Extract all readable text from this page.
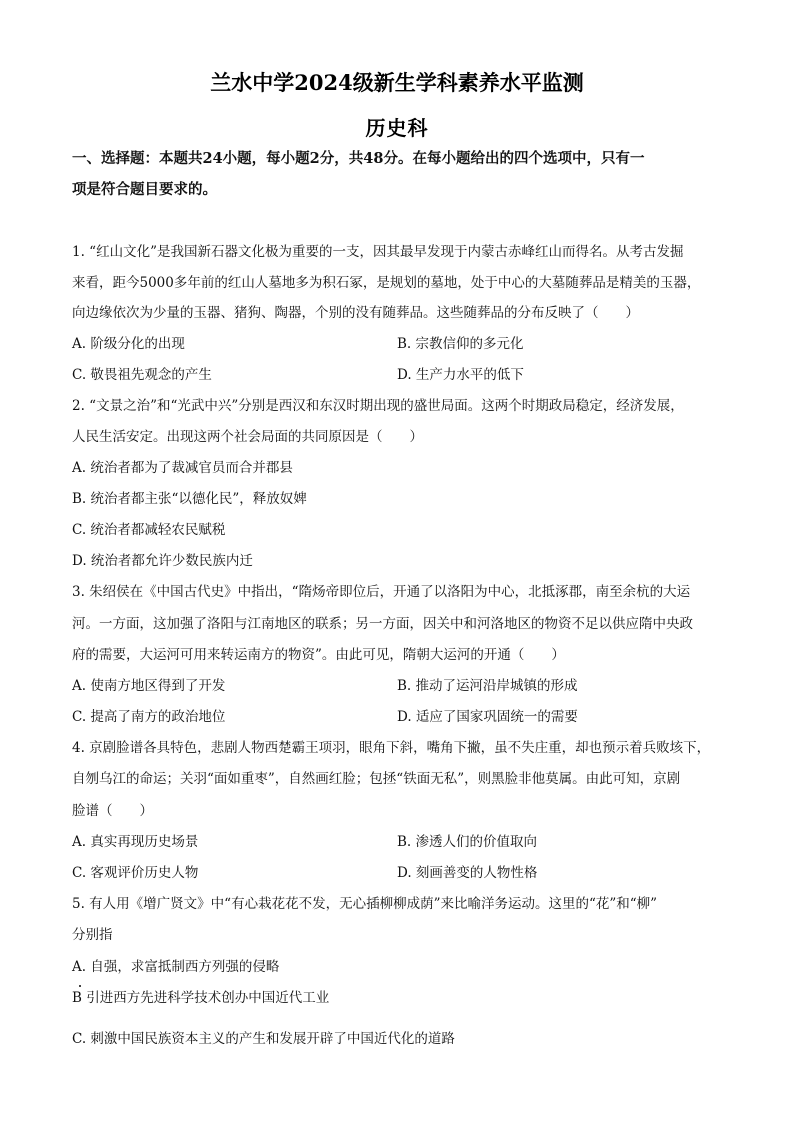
兰水中学2024级新生学科素养水平监测
历史科
一、选择题：本题共24小题，每小题2分，共48分。在每小题给出的四个选项中，只有一
项是符合题目要求的。
1. “红山文化”是我国新石器文化极为重要的一支，因其最早发现于内蒙古赤峰红山而得名。从考古发掘
来看，距今5000多年前的红山人墓地多为积石冢，是规划的墓地，处于中心的大墓随葬品是精美的玉器，
向边缘依次为少量的玉器、猪狗、陶器，个别的没有随葬品。这些随葬品的分布反映了（　　）
A. 阶级分化的出现	B. 宗教信仰的多元化
C. 敬畏祖先观念的产生	D. 生产力水平的低下
2. “文景之治”和“光武中兴”分别是西汉和东汉时期出现的盛世局面。这两个时期政局稳定，经济发展，
人民生活安定。出现这两个社会局面的共同原因是（　　）
A. 统治者都为了裁减官员而合并郡县
B. 统治者都主张“以德化民”，释放奴婢
C. 统治者都减轻农民赋税
D. 统治者都允许少数民族内迁
3. 朱绍侯在《中国古代史》中指出，“隋炀帝即位后，开通了以洛阳为中心，北抵涿郡，南至余杭的大运
河。一方面，这加强了洛阳与江南地区的联系；另一方面，因关中和河洛地区的物资不足以供应隋中央政
府的需要，大运河可用来转运南方的物资”。由此可见，隋朝大运河的开通（　　）
A. 使南方地区得到了开发	B. 推动了运河沿岸城镇的形成
C. 提高了南方的政治地位	D. 适应了国家巩固统一的需要
4. 京剧脸谱各具特色，悲剧人物西楚霸王项羽，眼角下斜，嘴角下撇，虽不失庄重，却也预示着兵败垓下，
自刎乌江的命运；关羽“面如重枣”，自然画红脸；包拯“铁面无私”，则黑脸非他莫属。由此可知，京剧
脸谱（　　）
A. 真实再现历史场景	B. 渗透人们的价值取向
C. 客观评价历史人物	D. 刻画善变的人物性格
5. 有人用《增广贤文》中“有心栽花花不发，无心插柳柳成荫”来比喻洋务运动。这里的“花”和“柳”
分别指
A. 自强，求富抵制西方列强的侵略
B 引进西方先进科学技术创办中国近代工业
C. 刺激中国民族资本主义的产生和发展开辟了中国近代化的道路
